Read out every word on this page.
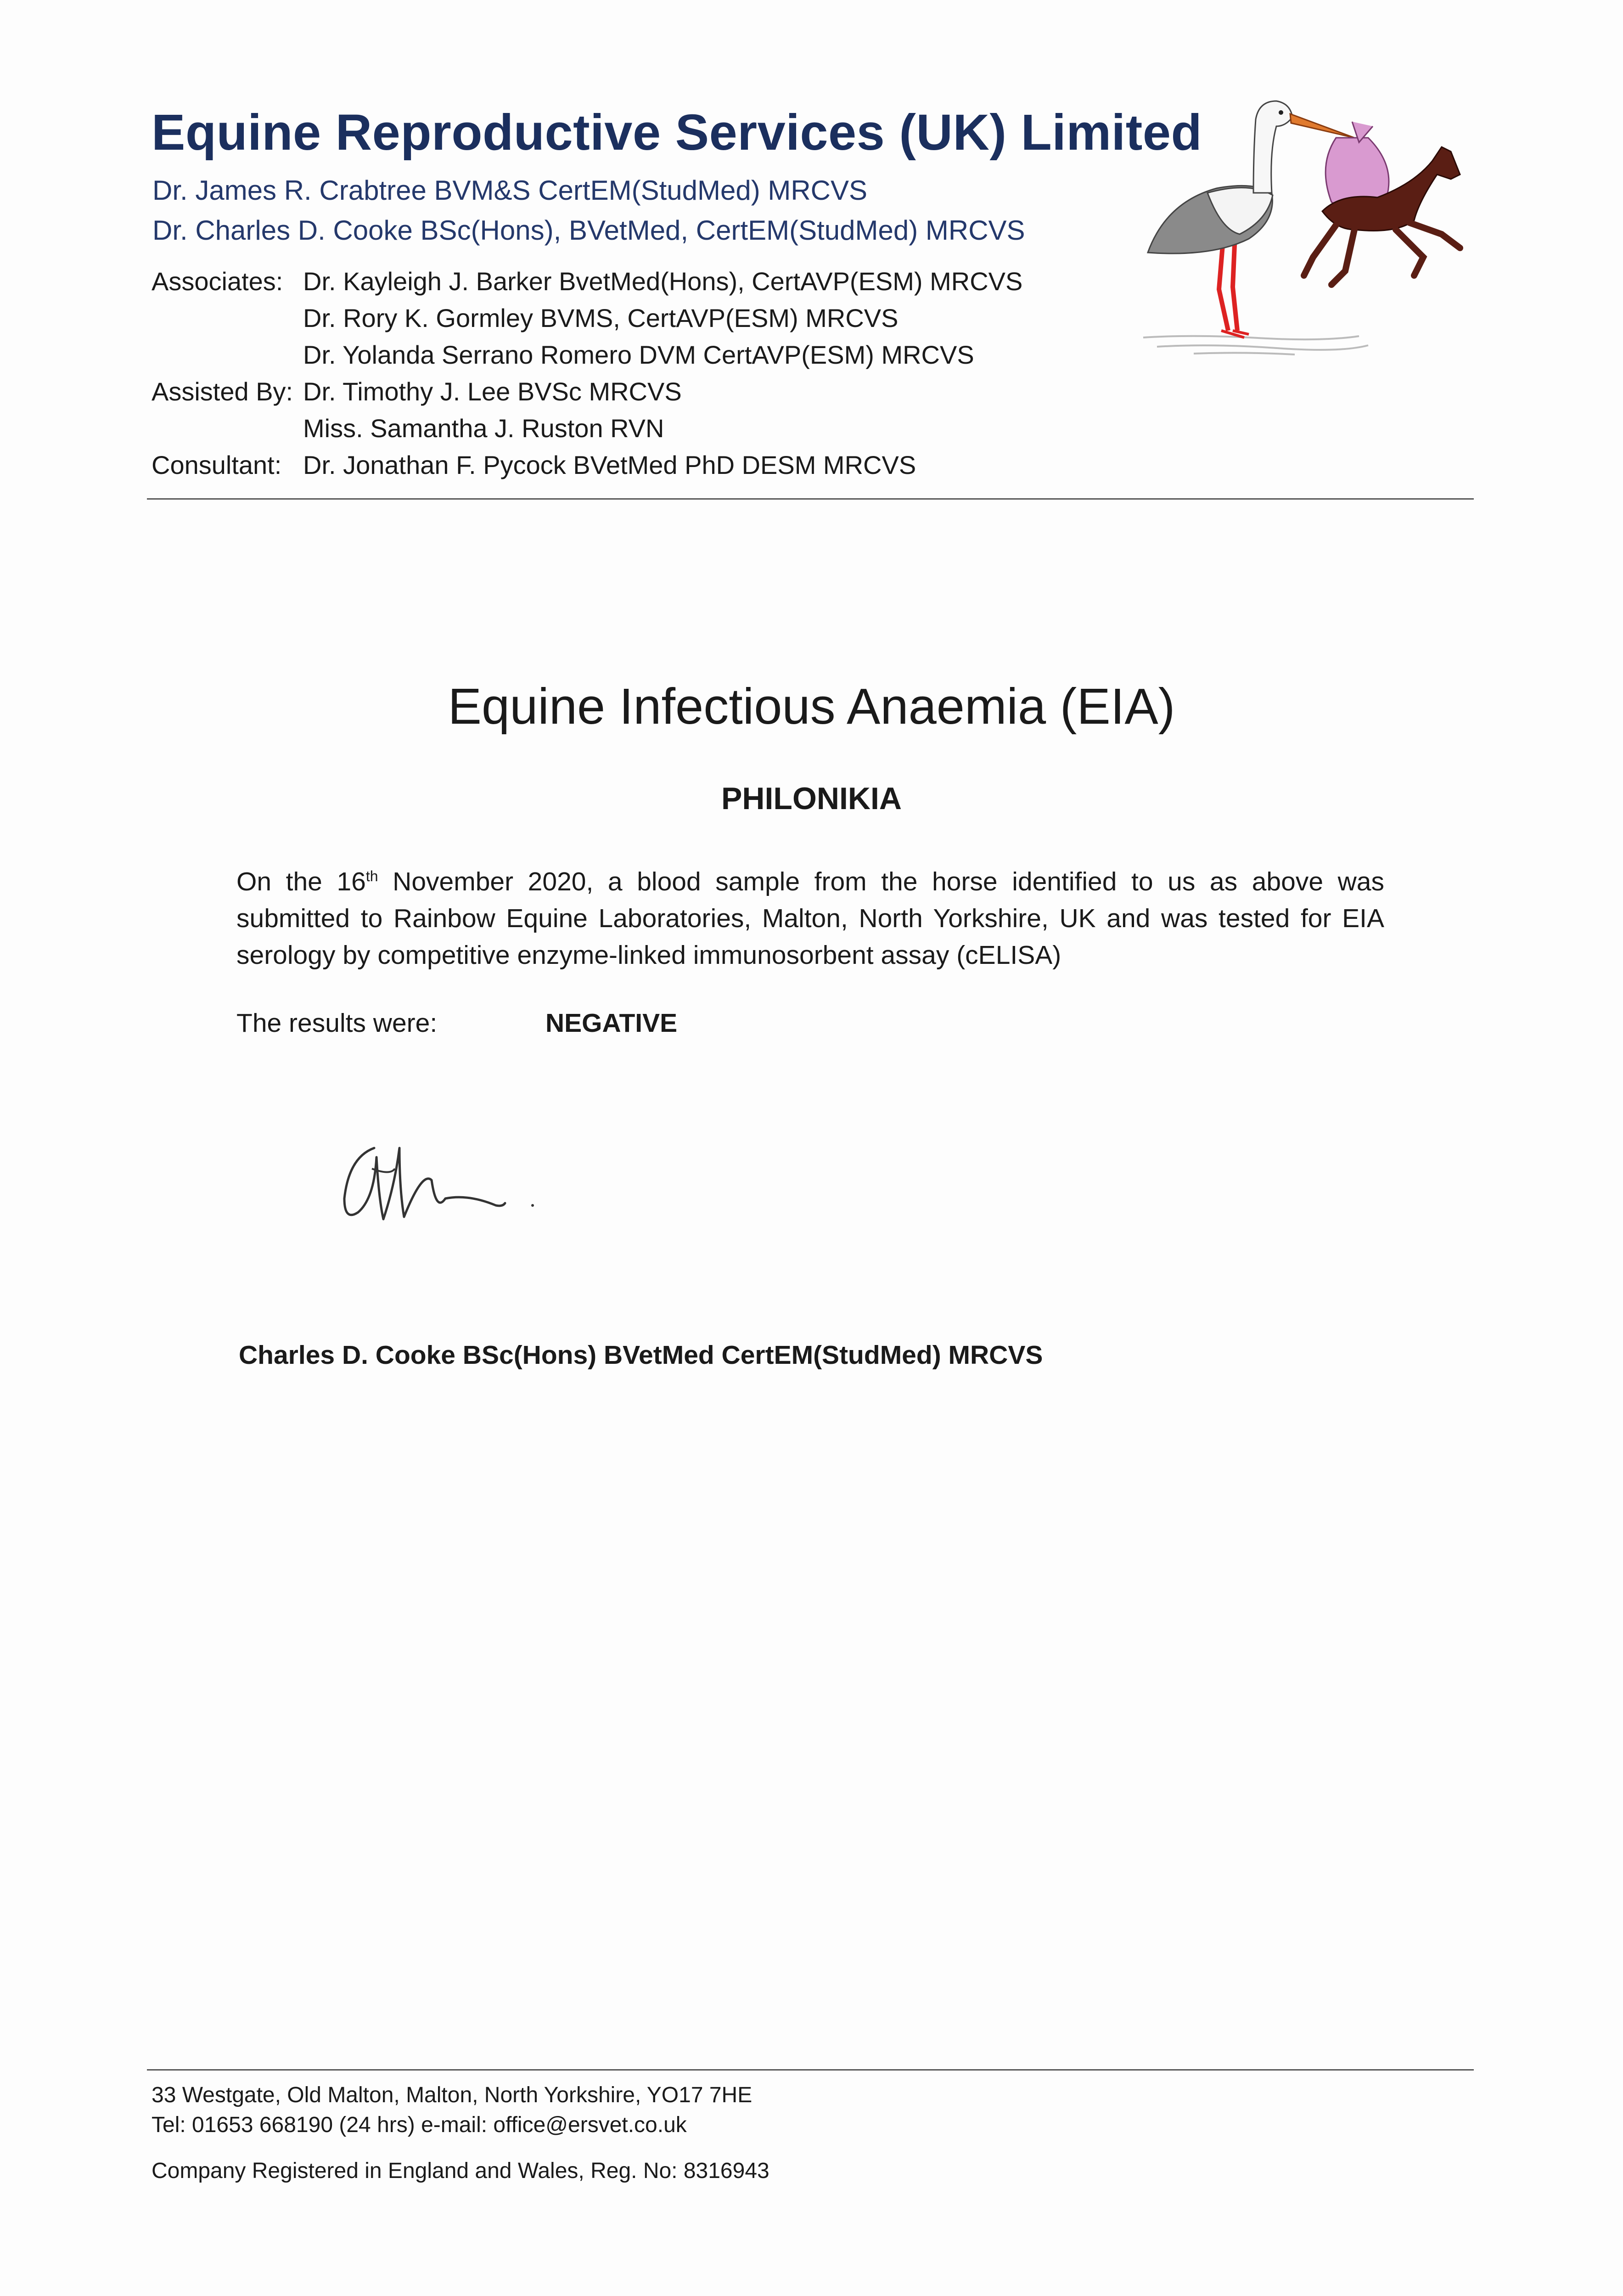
Equine Reproductive Services (UK) Limited
Dr. James R. Crabtree BVM&S CertEM(StudMed) MRCVS
Dr. Charles D. Cooke BSc(Hons), BVetMed, CertEM(StudMed) MRCVS
Associates: Dr. Kayleigh J. Barker BvetMed(Hons), CertAVP(ESM) MRCVS
Dr. Rory K. Gormley BVMS, CertAVP(ESM) MRCVS
Dr. Yolanda Serrano Romero DVM CertAVP(ESM) MRCVS
Assisted By: Dr. Timothy J. Lee BVSc MRCVS
Miss. Samantha J. Ruston RVN
Consultant: Dr. Jonathan F. Pycock BVetMed PhD DESM MRCVS
Equine Infectious Anaemia (EIA)
PHILONIKIA
On the 16th November 2020, a blood sample from the horse identified to us as above was submitted to Rainbow Equine Laboratories, Malton, North Yorkshire, UK and was tested for EIA serology by competitive enzyme-linked immunosorbent assay (cELISA)
The results were:	NEGATIVE
Charles D. Cooke BSc(Hons) BVetMed CertEM(StudMed) MRCVS
33 Westgate, Old Malton, Malton, North Yorkshire, YO17 7HE
Tel: 01653 668190 (24 hrs) e-mail: office@ersvet.co.uk
Company Registered in England and Wales, Reg. No: 8316943
